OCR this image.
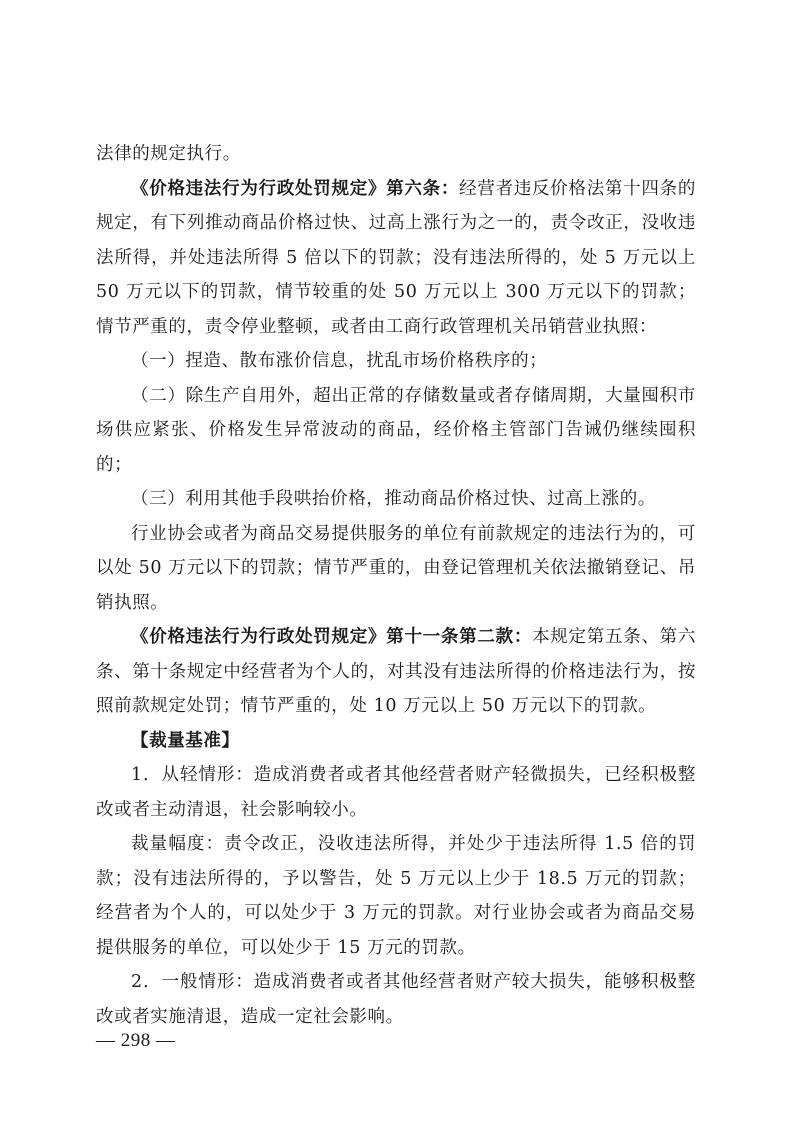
法律的规定执行。

《价格违法行为行政处罚规定》第六条：经营者违反价格法第十四条的规定，有下列推动商品价格过快、过高上涨行为之一的，责令改正，没收违法所得，并处违法所得 5 倍以下的罚款；没有违法所得的，处 5 万元以上 50 万元以下的罚款，情节较重的处 50 万元以上 300 万元以下的罚款；情节严重的，责令停业整顿，或者由工商行政管理机关吊销营业执照：

（一）捏造、散布涨价信息，扰乱市场价格秩序的；

（二）除生产自用外，超出正常的存储数量或者存储周期，大量囤积市场供应紧张、价格发生异常波动的商品，经价格主管部门告诫仍继续囤积的；

（三）利用其他手段哄抬价格，推动商品价格过快、过高上涨的。

行业协会或者为商品交易提供服务的单位有前款规定的违法行为的，可以处 50 万元以下的罚款；情节严重的，由登记管理机关依法撤销登记、吊销执照。

《价格违法行为行政处罚规定》第十一条第二款：本规定第五条、第六条、第十条规定中经营者为个人的，对其没有违法所得的价格违法行为，按照前款规定处罚；情节严重的，处 10 万元以上 50 万元以下的罚款。

【裁量基准】

1．从轻情形：造成消费者或者其他经营者财产轻微损失，已经积极整改或者主动清退，社会影响较小。

裁量幅度：责令改正，没收违法所得，并处少于违法所得 1.5 倍的罚款；没有违法所得的，予以警告，处 5 万元以上少于 18.5 万元的罚款；经营者为个人的，可以处少于 3 万元的罚款。对行业协会或者为商品交易提供服务的单位，可以处少于 15 万元的罚款。

2．一般情形：造成消费者或者其他经营者财产较大损失，能够积极整改或者实施清退，造成一定社会影响。

— 298 —
